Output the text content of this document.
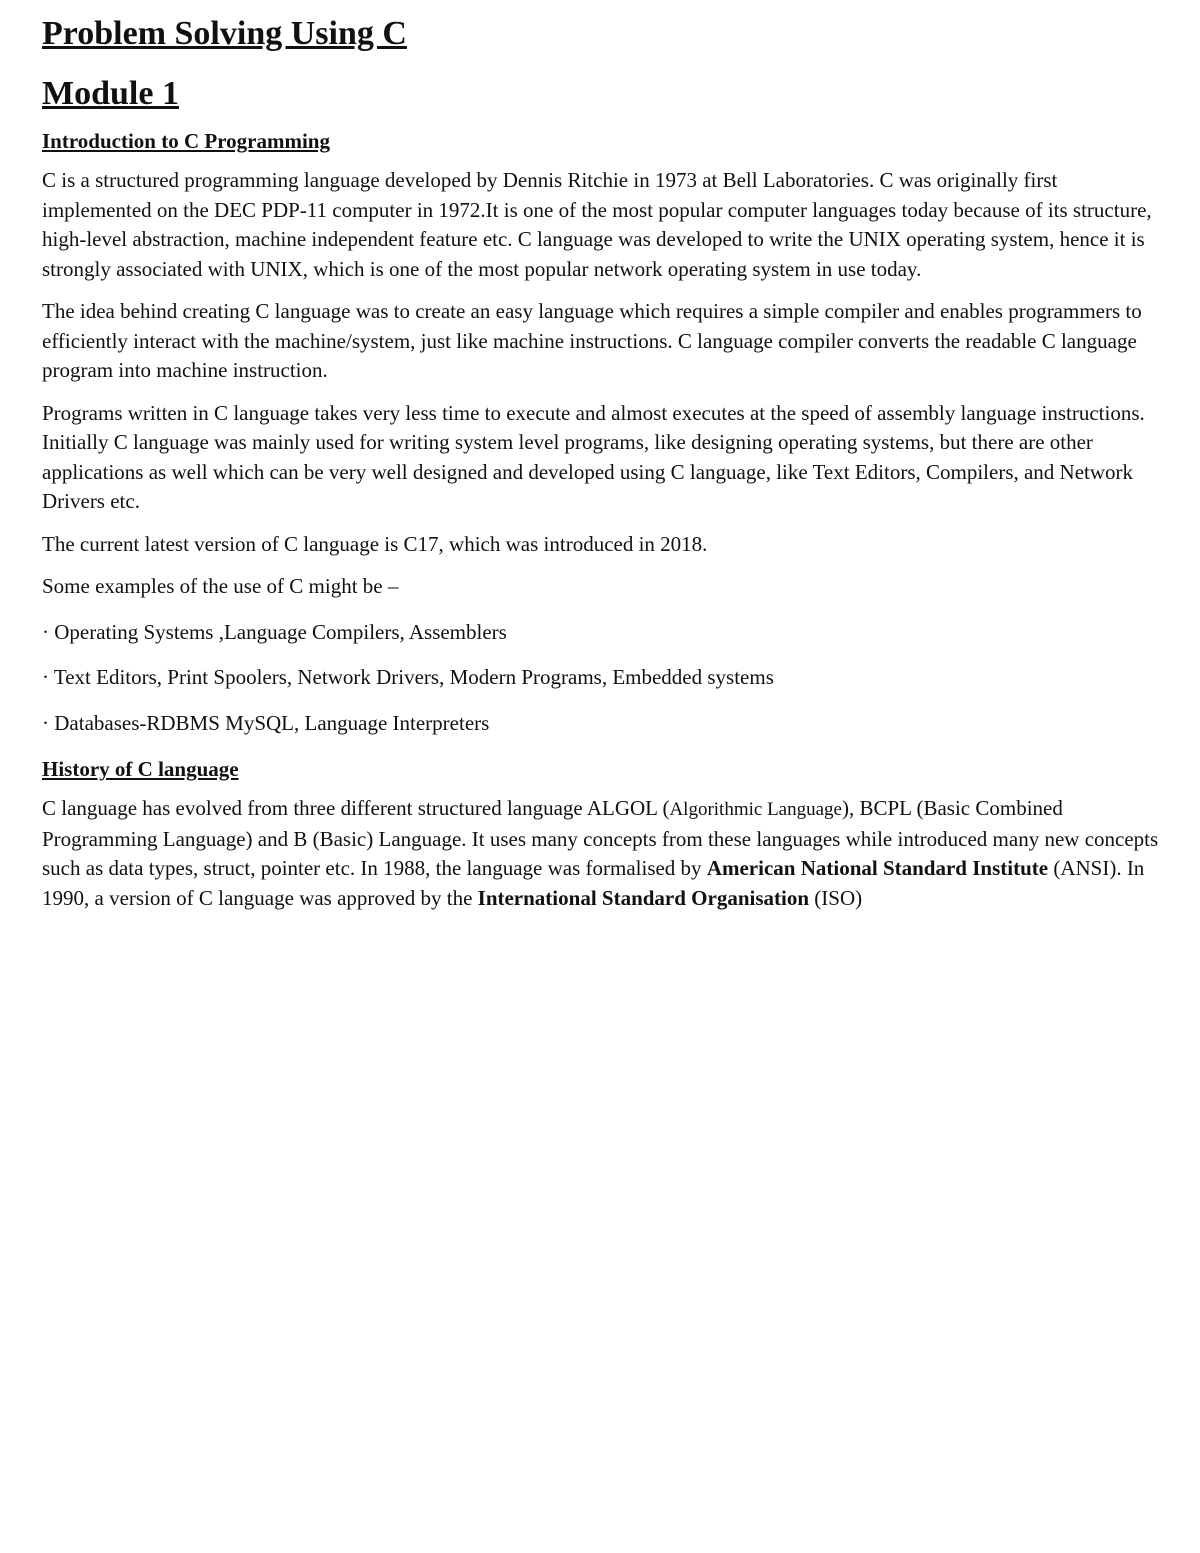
Problem Solving Using C
Module 1
Introduction to C Programming

C is a structured programming language developed by Dennis Ritchie in 1973 at Bell Laboratories. C was originally first implemented on the DEC PDP-11 computer in 1972.It is one of the most popular computer languages today because of its structure, high-level abstraction, machine independent feature etc. C language was developed to write the UNIX operating system, hence it is strongly associated with UNIX, which is one of the most popular network operating system in use today.

The idea behind creating C language was to create an easy language which requires a simple compiler and enables programmers to efficiently interact with the machine/system, just like machine instructions. C language compiler converts the readable C language program into machine instruction.

Programs written in C language takes very less time to execute and almost executes at the speed of assembly language instructions. Initially C language was mainly used for writing system level programs, like designing operating systems, but there are other applications as well which can be very well designed and developed using C language, like Text Editors, Compilers, and Network Drivers etc.

The current latest version of C language is C17, which was introduced in 2018.

Some examples of the use of C might be –

· Operating Systems ,Language Compilers, Assemblers

· Text Editors, Print Spoolers, Network Drivers, Modern Programs, Embedded systems

· Databases-RDBMS MySQL, Language Interpreters

History of C language

C language has evolved from three different structured language ALGOL (Algorithmic Language), BCPL (Basic Combined Programming Language) and B (Basic) Language. It uses many concepts from these languages while introduced many new concepts such as data types, struct, pointer etc. In 1988, the language was formalised by American National Standard Institute (ANSI). In 1990, a version of C language was approved by the International Standard Organisation (ISO)
